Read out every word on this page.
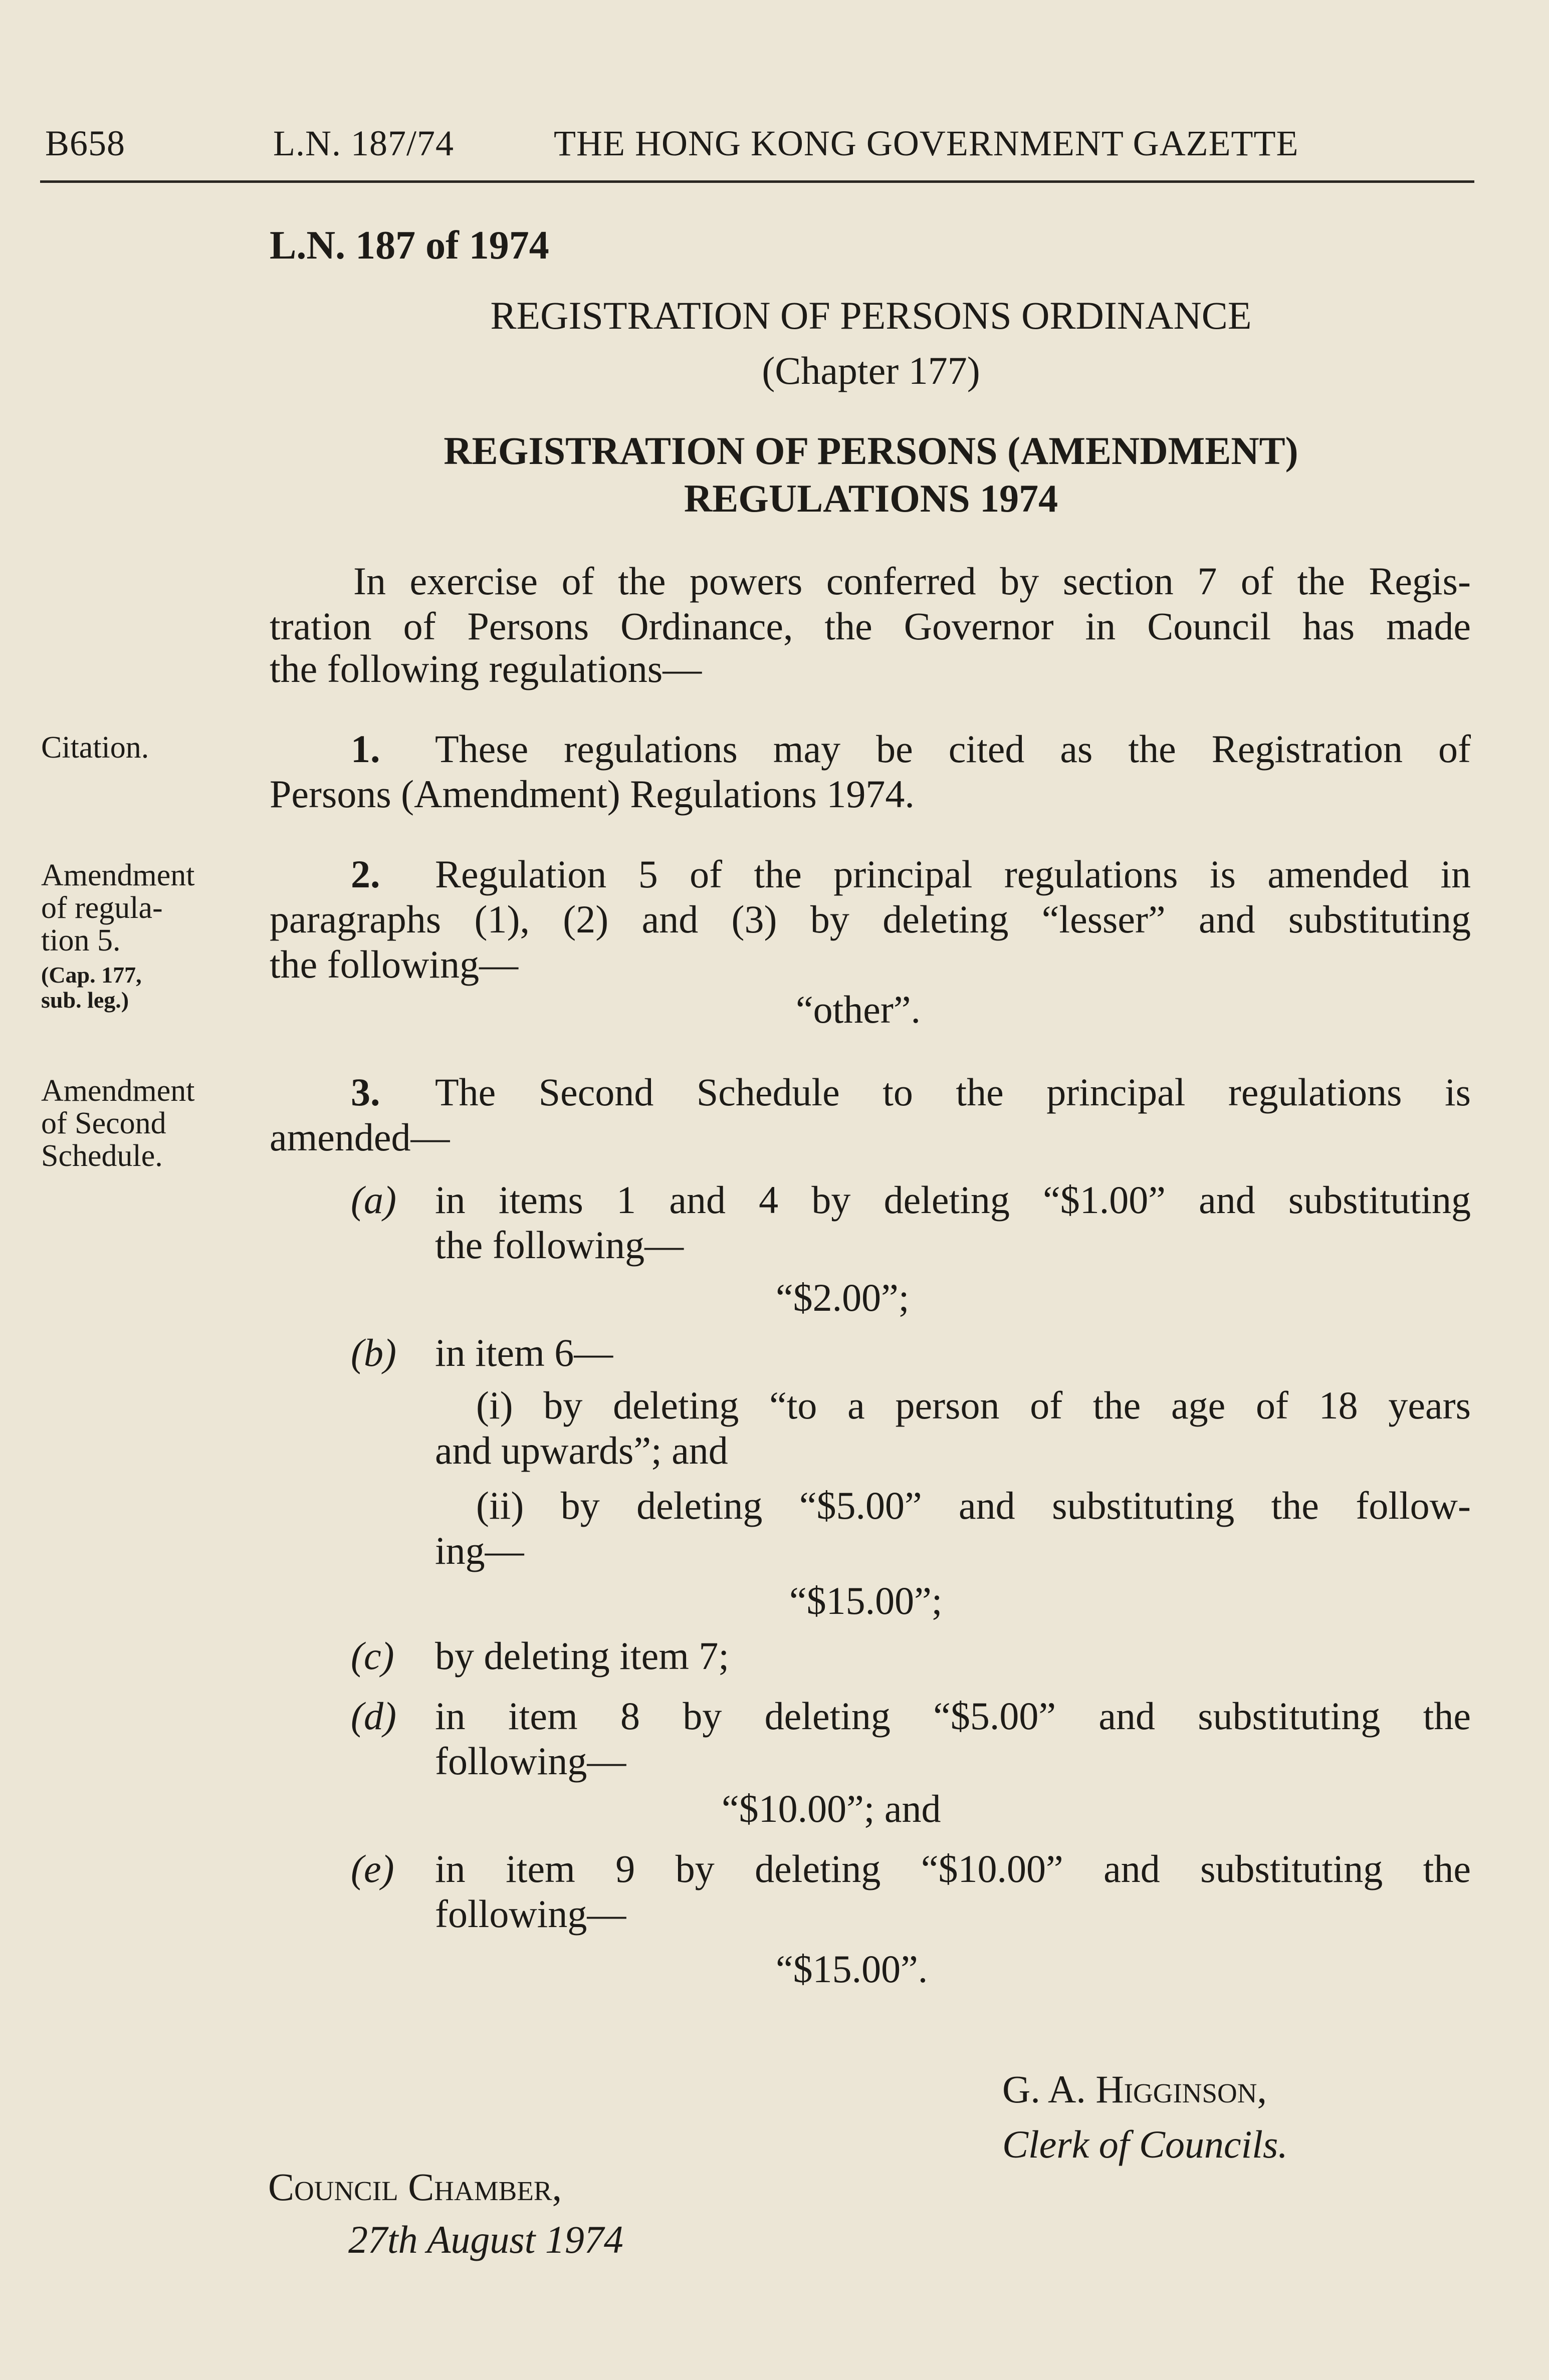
B658	L.N. 187/74	THE HONG KONG GOVERNMENT GAZETTE
L.N. 187 of 1974
REGISTRATION OF PERSONS ORDINANCE
(Chapter 177)
REGISTRATION OF PERSONS (AMENDMENT)
REGULATIONS 1974
In exercise of the powers conferred by section 7 of the Regis-
tration of Persons Ordinance, the Governor in Council has made
the following regulations—
Citation.
Amendment
of regula-
tion 5.
(Cap. 177,
sub. leg.)
Amendment
of Second
Schedule.
1. These regulations may be cited as the Registration of
Persons (Amendment) Regulations 1974.
2. Regulation 5 of the principal regulations is amended in
paragraphs (1), (2) and (3) by deleting “lesser” and substituting
the following—
“other”.
3. The Second Schedule to the principal regulations is
amended—
(a) in items 1 and 4 by deleting “$1.00” and substituting
the following—
“$2.00”;
(b) in item 6—
(i) by deleting “to a person of the age of 18 years
and upwards”; and
(ii) by deleting “$5.00” and substituting the follow-
ing—
“$15.00”;
(c) by deleting item 7;
(d) in item 8 by deleting “$5.00” and substituting the
following—
“$10.00”; and
(e) in item 9 by deleting “$10.00” and substituting the
following—
“$15.00”.
G. A. Higginson,
Clerk of Councils.
Council Chamber,
27th August 1974
